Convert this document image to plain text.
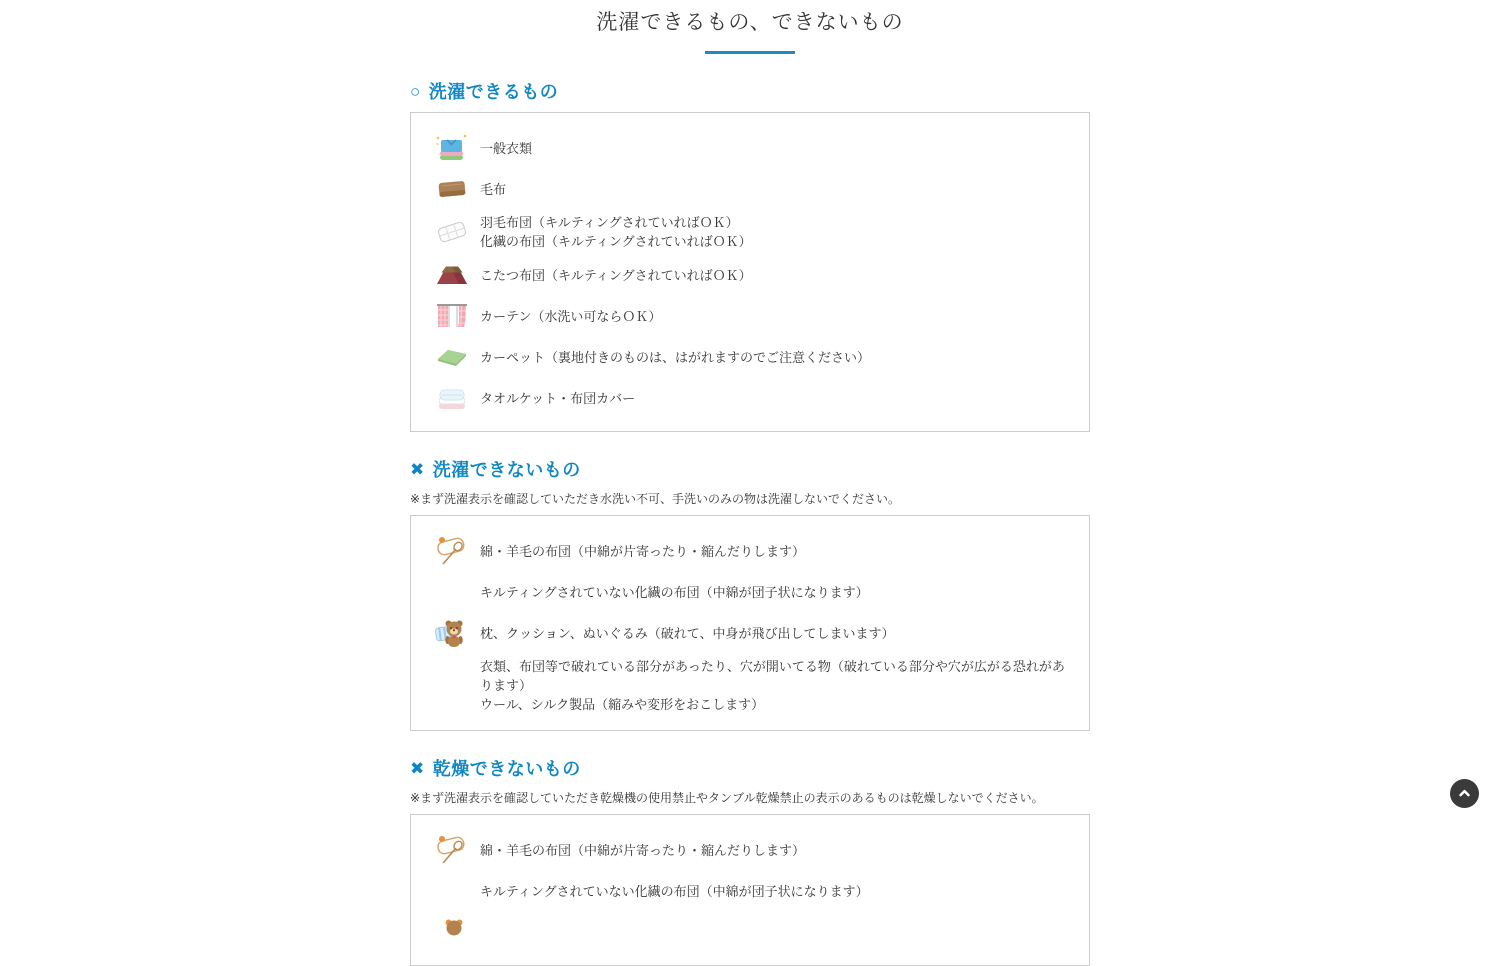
洗濯できるもの、できないもの
○ 洗濯できるもの
一般衣類
毛布
羽毛布団（キルティングされていればＯＫ）
化繊の布団（キルティングされていればＯＫ）
こたつ布団（キルティングされていればＯＫ）
カーテン（水洗い可ならＯＫ）
カーペット（裏地付きのものは、はがれますのでご注意ください）
タオルケット・布団カバー
✖ 洗濯できないもの

※まず洗濯表示を確認していただき水洗い不可、手洗いのみの物は洗濯しないでください。

綿・羊毛の布団（中綿が片寄ったり・縮んだりします）
キルティングされていない化繊の布団（中綿が団子状になります）
枕、クッション、ぬいぐるみ（破れて、中身が飛び出してしまいます）
衣類、布団等で破れている部分があったり、穴が開いてる物（破れている部分や穴が広がる恐れがあります）
ウール、シルク製品（縮みや変形をおこします）
✖ 乾燥できないもの

※まず洗濯表示を確認していただき乾燥機の使用禁止やタンブル乾燥禁止の表示のあるものは乾燥しないでください。

綿・羊毛の布団（中綿が片寄ったり・縮んだりします）
キルティングされていない化繊の布団（中綿が団子状になります）
